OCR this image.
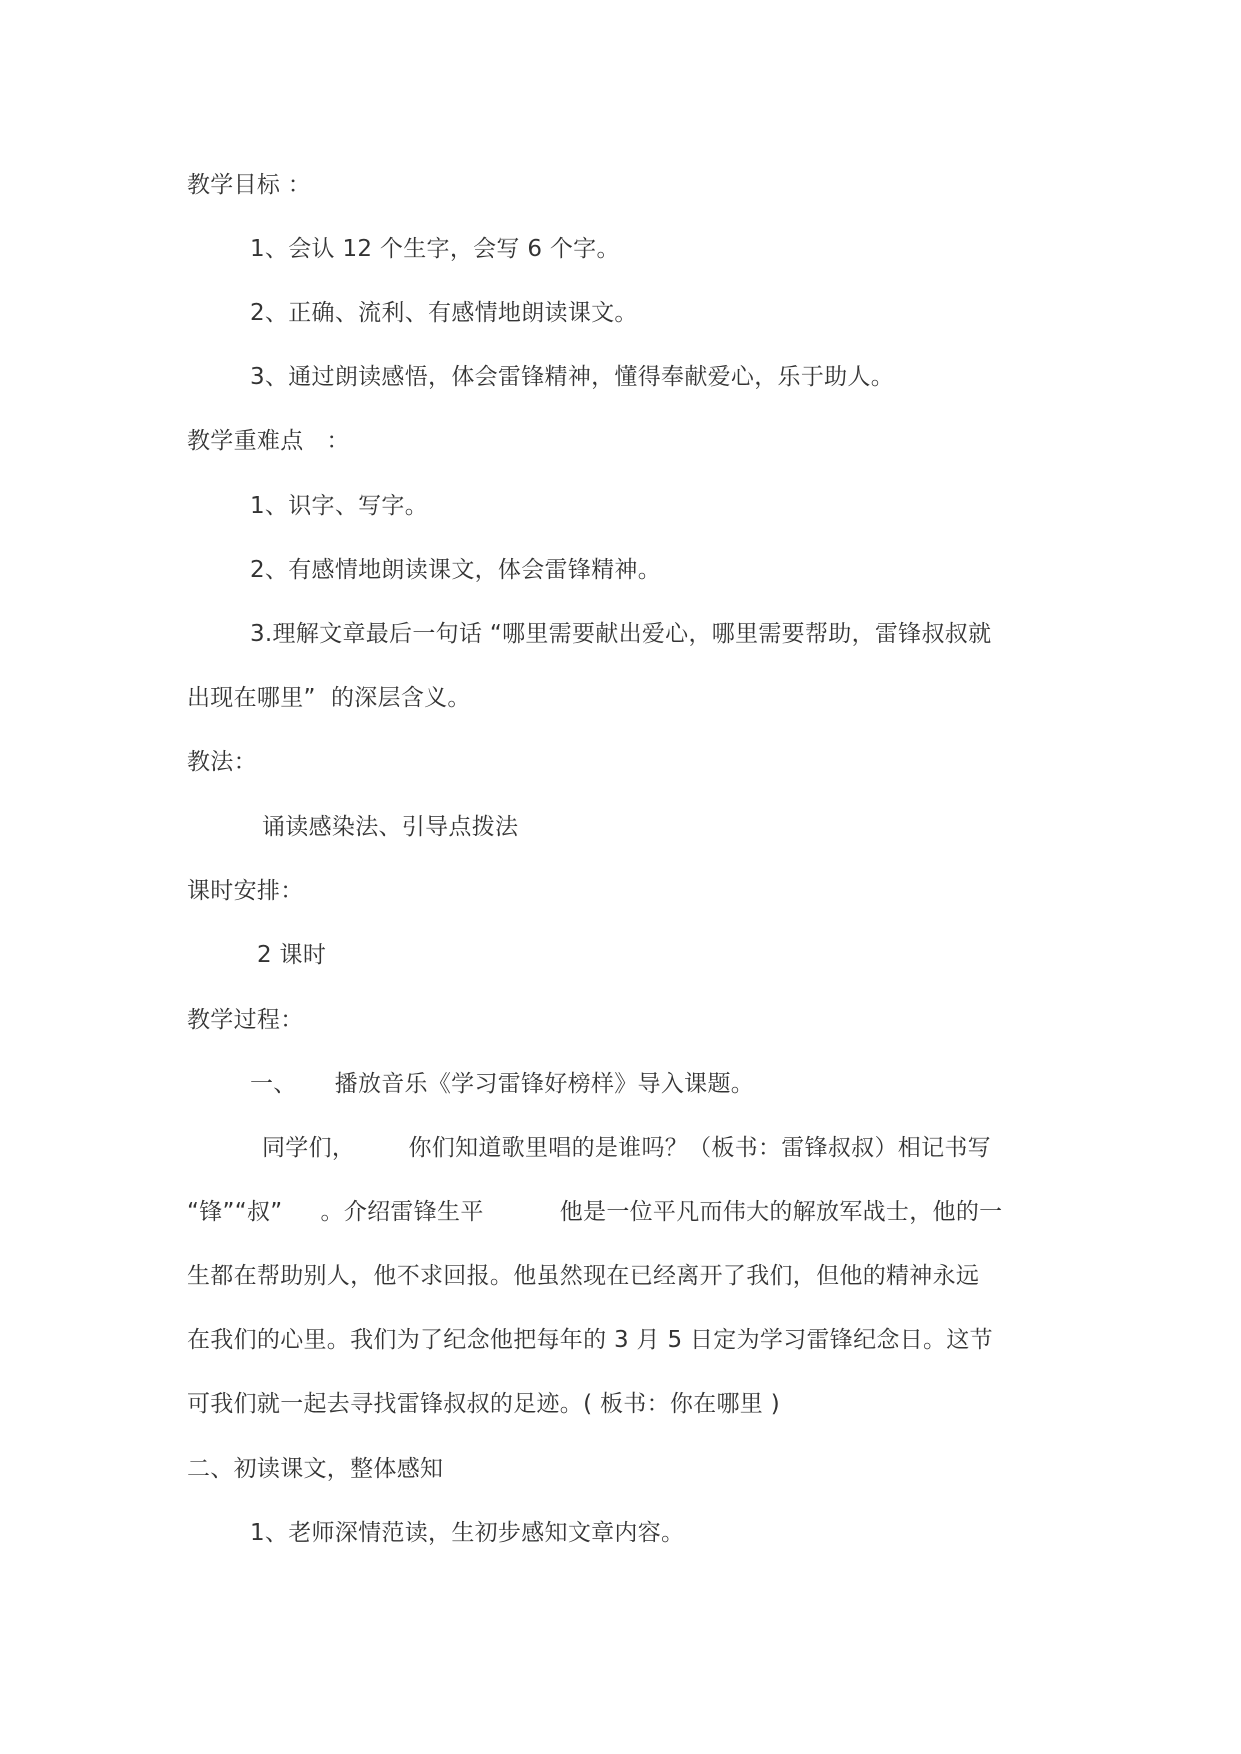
教学目标 ：
1、会认 12 个生字，会写 6 个字。
2、正确、流利、有感情地朗读课文。
3、通过朗读感悟，体会雷锋精神，懂得奉献爱心，乐于助人。
教学重难点   ：
1、识字、写字。
2、有感情地朗读课文，体会雷锋精神。
3.理解文章最后一句话 “哪里需要献出爱心，哪里需要帮助，雷锋叔叔就
出现在哪里”  的深层含义。
教法：
诵读感染法、引导点拨法
课时安排：
2 课时
教学过程：
一、     播放音乐《学习雷锋好榜样》导入课题。
同学们，       你们知道歌里唱的是谁吗？（板书：雷锋叔叔）相记书写
“锋”“叔”     。介绍雷锋生平          他是一位平凡而伟大的解放军战士，他的一
生都在帮助别人，他不求回报。他虽然现在已经离开了我们，但他的精神永远
在我们的心里。我们为了纪念他把每年的 3 月 5 日定为学习雷锋纪念日。这节
可我们就一起去寻找雷锋叔叔的足迹。( 板书：你在哪里 )
二、初读课文，整体感知
1、老师深情范读，生初步感知文章内容。
